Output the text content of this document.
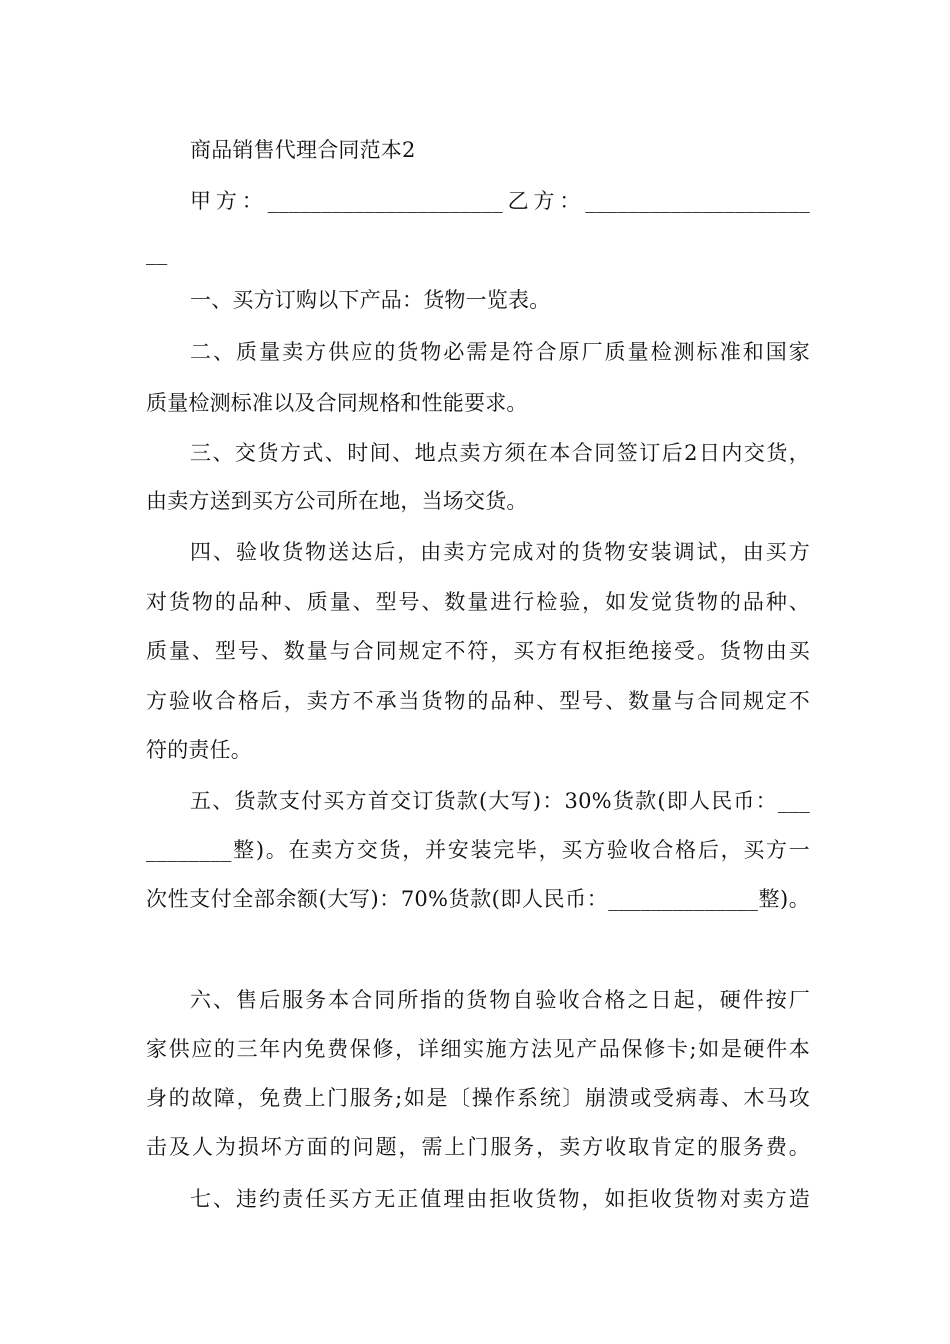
商品销售代理合同范本2
甲方：______________________乙方：_____________________
__
一、买方订购以下产品：货物一览表。
二、质量卖方供应的货物必需是符合原厂质量检测标准和国家
质量检测标准以及合同规格和性能要求。
三、交货方式、时间、地点卖方须在本合同签订后2日内交货，
由卖方送到买方公司所在地，当场交货。
四、验收货物送达后，由卖方完成对的货物安装调试，由买方
对货物的品种、质量、型号、数量进行检验，如发觉货物的品种、
质量、型号、数量与合同规定不符，买方有权拒绝接受。货物由买
方验收合格后，卖方不承当货物的品种、型号、数量与合同规定不
符的责任。
五、货款支付买方首交订货款(大写)：30%货款(即人民币：___
________整)。在卖方交货，并安装完毕，买方验收合格后，买方一
次性支付全部余额(大写)：70%货款(即人民币：______________整)。
六、售后服务本合同所指的货物自验收合格之日起，硬件按厂
家供应的三年内免费保修，详细实施方法见产品保修卡;如是硬件本
身的故障，免费上门服务;如是〔操作系统〕崩溃或受病毒、木马攻
击及人为损坏方面的问题，需上门服务，卖方收取肯定的服务费。
七、违约责任买方无正值理由拒收货物，如拒收货物对卖方造
